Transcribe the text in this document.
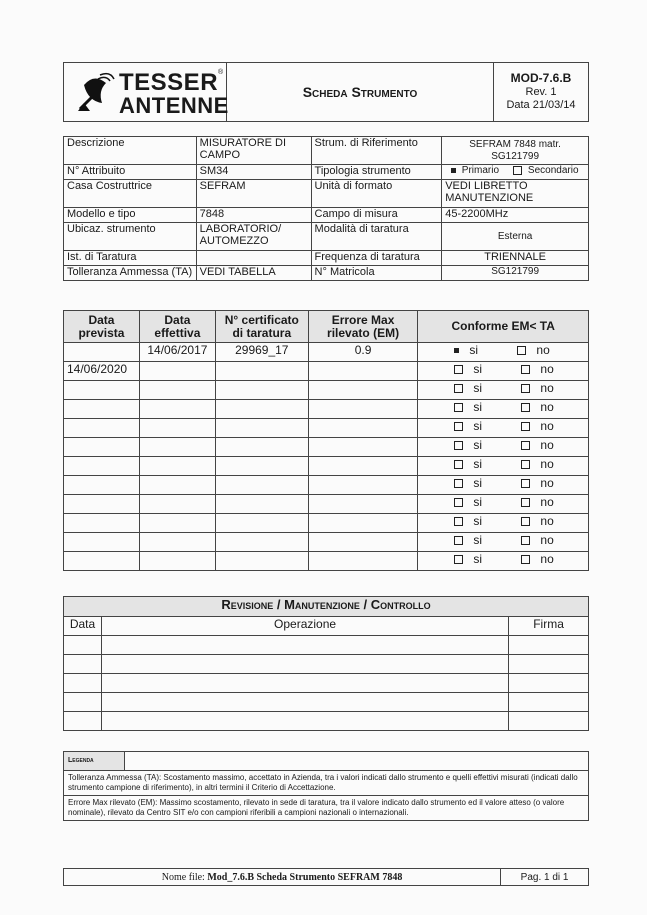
TESSER ®
ANTENNE
	Scheda Strumento	MOD-7.6.B
Rev. 1
Data 21/03/14
Descrizione	MISURATORE DI CAMPO	Strum. di Riferimento	SEFRAM 7848 matr. SG121799
N° Attribuito	SM34	Tipologia strumento	Primario Secondario
Casa Costruttrice	SEFRAM	Unità di formato	VEDI LIBRETTO MANUTENZIONE
Modello e tipo	7848	Campo di misura	45-2200MHz
Ubicaz. strumento	LABORATORIO/ AUTOMEZZO	Modalità di taratura	Esterna
Ist. di Taratura		Frequenza di taratura	TRIENNALE
Tolleranza Ammessa (TA)	VEDI TABELLA	N° Matricola	SG121799
Data prevista	Data effettiva	N° certificato di taratura	Errore Max rilevato (EM)	Conforme EM< TA
	14/06/2017	29969_17	0.9	si no
14/06/2020				si no
				si no
				si no
				si no
				si no
				si no
				si no
				si no
				si no
				si no
				si no
Revisione / Manutenzione / Controllo		
Data	Operazione	Firma

Legenda	
Tolleranza Ammessa (TA): Scostamento massimo, accettato in Azienda, tra i valori indicati dallo strumento e quelli effettivi misurati (indicati dallo strumento campione di riferimento), in altri termini il Criterio di Accettazione.
Errore Max rilevato (EM): Massimo scostamento, rilevato in sede di taratura, tra il valore indicato dallo strumento ed il valore atteso (o valore nominale), rilevato da Centro SIT e/o con campioni riferibili a campioni nazionali o internazionali.
Nome file: Mod_7.6.B Scheda Strumento SEFRAM 7848	Pag. 1 di 1
